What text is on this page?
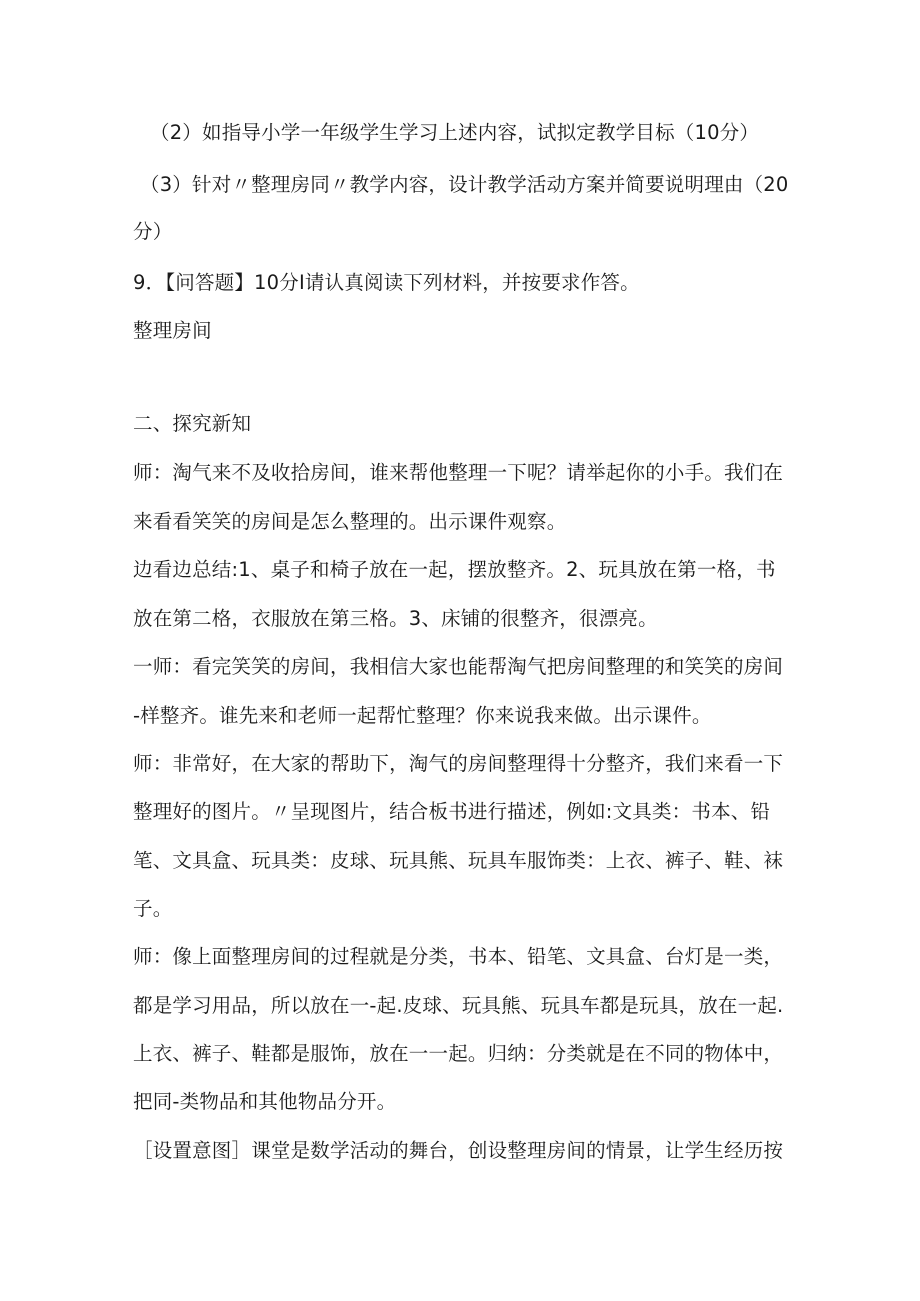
（2）如指导小学一年级学生学习上述内容，试拟定教学目标（10分）
（3）针对〃整理房同〃教学内容，设计教学活动方案并简要说明理由（20
分）
9．【问答题】10分I请认真阅读下列材料，并按要求作答。
整理房间
二、探究新知
师：淘气来不及收拾房间，谁来帮他整理一下呢？请举起你的小手。我们在
来看看笑笑的房间是怎么整理的。出示课件观察。
边看边总结:1、桌子和椅子放在一起，摆放整齐。2、玩具放在第一格，书
放在第二格，衣服放在第三格。3、床铺的很整齐，很漂亮。
一师：看完笑笑的房间，我相信大家也能帮淘气把房间整理的和笑笑的房间
-样整齐。谁先来和老师一起帮忙整理？你来说我来做。出示课件。
师：非常好，在大家的帮助下，淘气的房间整理得十分整齐，我们来看一下
整理好的图片。〃呈现图片，结合板书进行描述，例如:文具类：书本、铅
笔、文具盒、玩具类：皮球、玩具熊、玩具车服饰类：上衣、裤子、鞋、袜
子。
师：像上面整理房间的过程就是分类，书本、铅笔、文具盒、台灯是一类，
都是学习用品，所以放在一-起.皮球、玩具熊、玩具车都是玩具，放在一起.
上衣、裤子、鞋都是服饰，放在一一起。归纳：分类就是在不同的物体中，
把同-类物品和其他物品分开。
［设置意图］课堂是数学活动的舞台，创设整理房间的情景，让学生经历按
